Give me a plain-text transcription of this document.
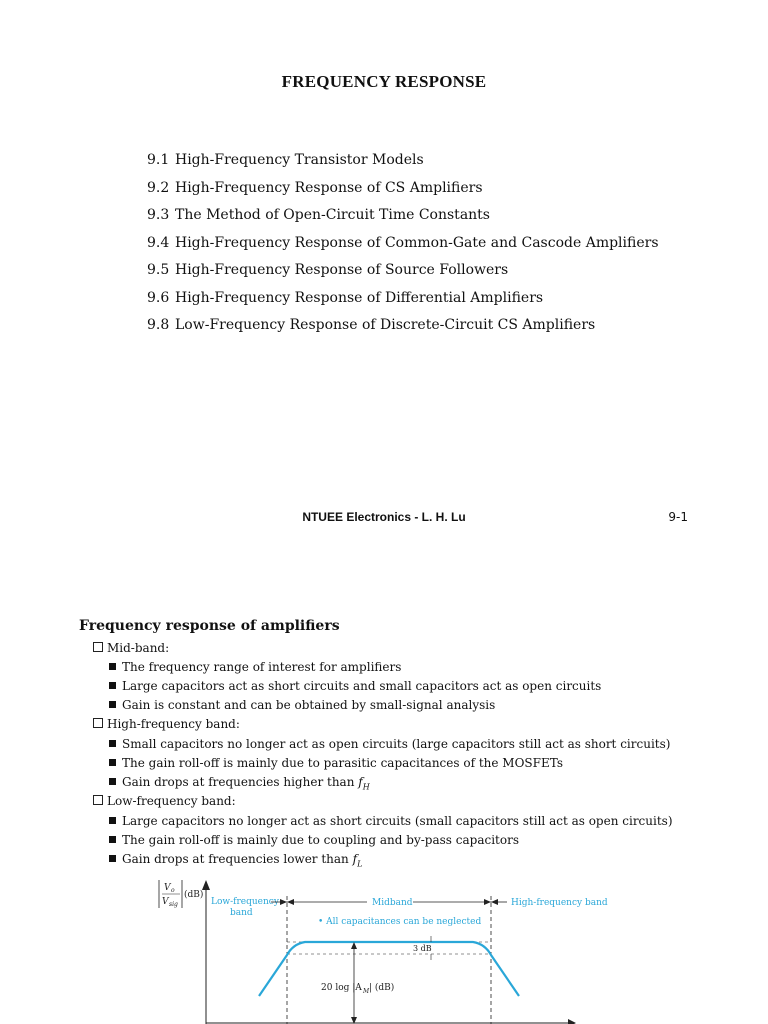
FREQUENCY RESPONSE
9.1 High-Frequency Transistor Models
9.2 High-Frequency Response of CS Amplifiers
9.3 The Method of Open-Circuit Time Constants
9.4 High-Frequency Response of Common-Gate and Cascode Amplifiers
9.5 High-Frequency Response of Source Followers
9.6 High-Frequency Response of Differential Amplifiers
9.8 Low-Frequency Response of Discrete-Circuit CS Amplifiers
NTUEE Electronics - L. H. Lu	9-1
Frequency response of amplifiers
Mid-band:
The frequency range of interest for amplifiers
Large capacitors act as short circuits and small capacitors act as open circuits
Gain is constant and can be obtained by small-signal analysis
High-frequency band:
Small capacitors no longer act as open circuits (large capacitors still act as short circuits)
The gain roll-off is mainly due to parasitic capacitances of the MOSFETs
Gain drops at frequencies higher than $f_H$
Low-frequency band:
Large capacitors no longer act as short circuits (small capacitors still act as open circuits)
The gain roll-off is mainly due to coupling and by-pass capacitors
Gain drops at frequencies lower than $f_L$
V o
V sig
(dB)
Low-frequency
band
Midband	High-frequency band
• All capacitances can be neglected
3 dB
20 log |A M | (dB)
